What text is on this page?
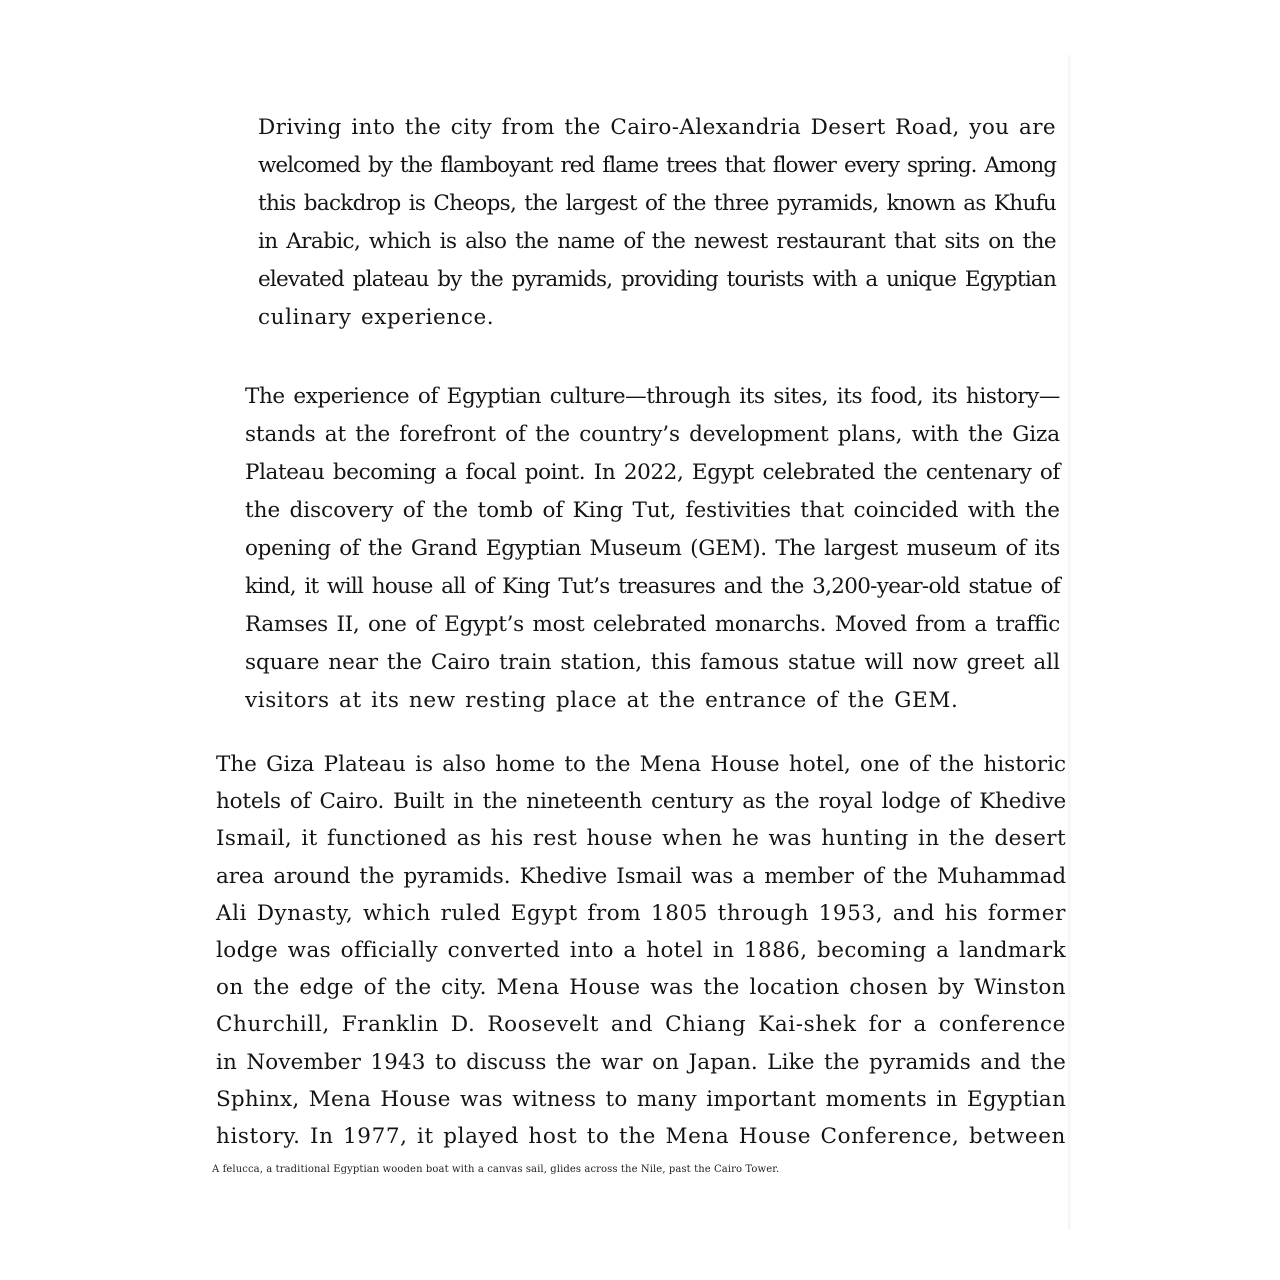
Driving into the city from the Cairo-Alexandria Desert Road, you are
welcomed by the flamboyant red flame trees that flower every spring. Among
this backdrop is Cheops, the largest of the three pyramids, known as Khufu
in Arabic, which is also the name of the newest restaurant that sits on the
elevated plateau by the pyramids, providing tourists with a unique Egyptian
culinary experience.
The experience of Egyptian culture—through its sites, its food, its history—
stands at the forefront of the country’s development plans, with the Giza
Plateau becoming a focal point. In 2022, Egypt celebrated the centenary of
the discovery of the tomb of King Tut, festivities that coincided with the
opening of the Grand Egyptian Museum (GEM). The largest museum of its
kind, it will house all of King Tut’s treasures and the 3,200-year-old statue of
Ramses II, one of Egypt’s most celebrated monarchs. Moved from a traffic
square near the Cairo train station, this famous statue will now greet all
visitors at its new resting place at the entrance of the GEM.
The Giza Plateau is also home to the Mena House hotel, one of the historic
hotels of Cairo. Built in the nineteenth century as the royal lodge of Khedive
Ismail, it functioned as his rest house when he was hunting in the desert
area around the pyramids. Khedive Ismail was a member of the Muhammad
Ali Dynasty, which ruled Egypt from 1805 through 1953, and his former
lodge was officially converted into a hotel in 1886, becoming a landmark
on the edge of the city. Mena House was the location chosen by Winston
Churchill, Franklin D. Roosevelt and Chiang Kai-shek for a conference
in November 1943 to discuss the war on Japan. Like the pyramids and the
Sphinx, Mena House was witness to many important moments in Egyptian
history. In 1977, it played host to the Mena House Conference, between
A felucca, a traditional Egyptian wooden boat with a canvas sail, glides across the Nile, past the Cairo Tower.
